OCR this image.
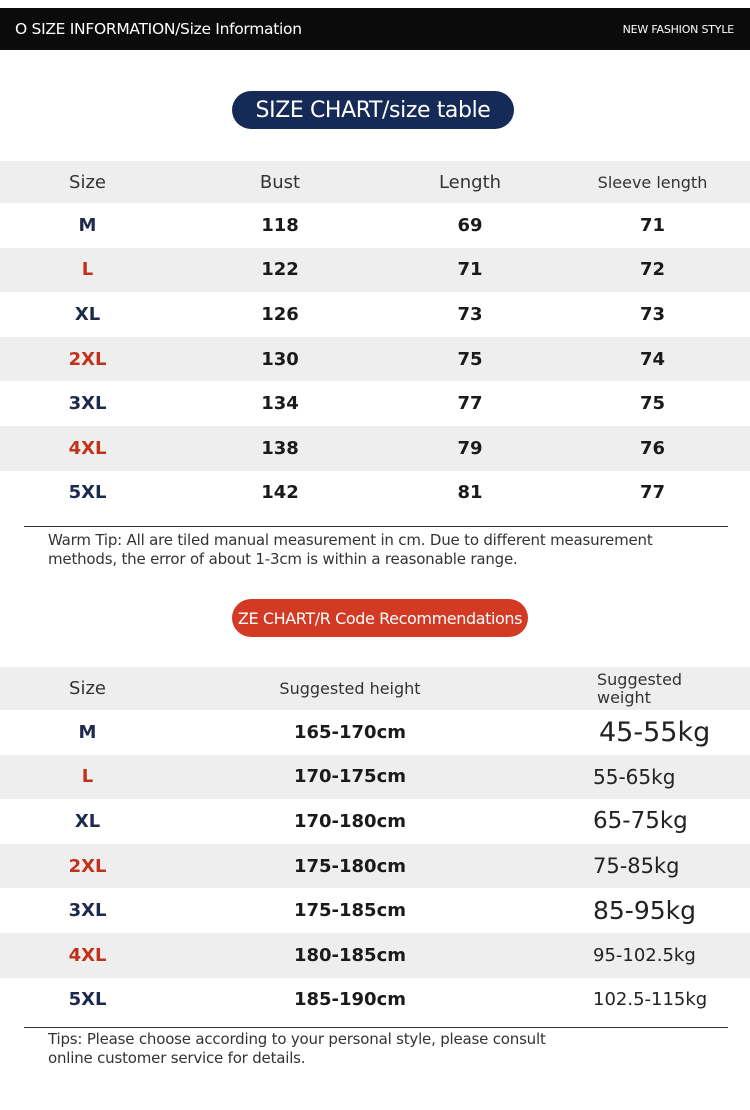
O SIZE INFORMATION/Size Information	NEW FASHION STYLE
SIZE CHART/size table
Size	Bust	Length	Sleeve length
M	118	69	71
L	122	71	72
XL	126	73	73
2XL	130	75	74
3XL	134	77	75
4XL	138	79	76
5XL	142	81	77
Warm Tip: All are tiled manual measurement in cm. Due to different measurement methods, the error of about 1-3cm is within a reasonable range.
ZE CHART/R Code Recommendations
Size	Suggested height	Suggested weight
M	165-170cm	45-55kg
L	170-175cm	55-65kg
XL	170-180cm	65-75kg
2XL	175-180cm	75-85kg
3XL	175-185cm	85-95kg
4XL	180-185cm	95-102.5kg
5XL	185-190cm	102.5-115kg
Tips: Please choose according to your personal style, please consult online customer service for details.
